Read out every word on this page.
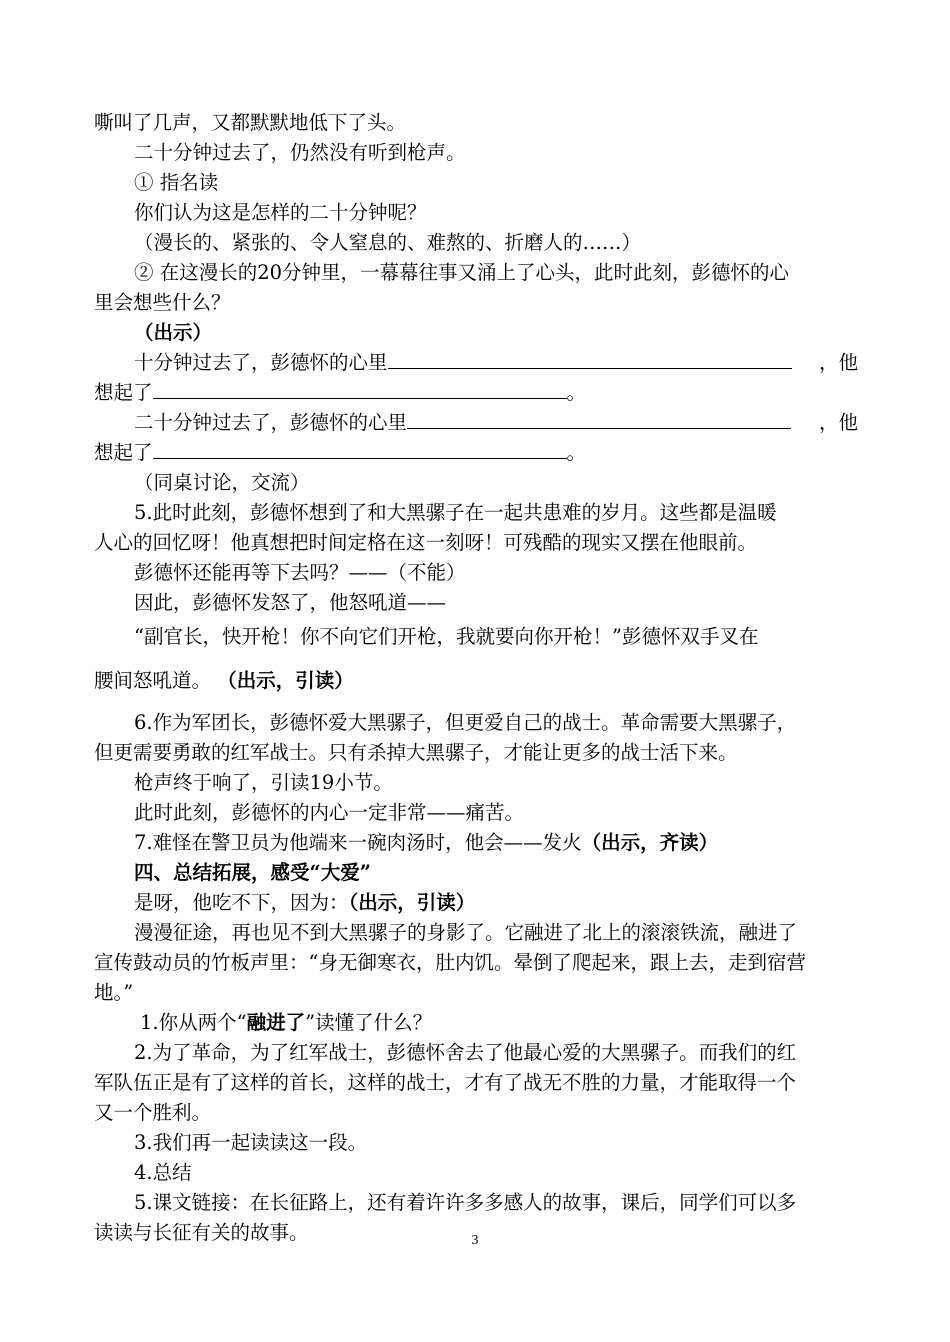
嘶叫了几声，又都默默地低下了头。
二十分钟过去了，仍然没有听到枪声。
① 指名读
你们认为这是怎样的二十分钟呢？
（漫长的、紧张的、令人窒息的、难熬的、折磨人的……）
② 在这漫长的20分钟里，一幕幕往事又涌上了心头，此时此刻，彭德怀的心
里会想些什么？
（出示）
十分钟过去了，彭德怀的心里	，他
想起了	。
二十分钟过去了，彭德怀的心里	，他
想起了	。
（同桌讨论，交流）
5.此时此刻，彭德怀想到了和大黑骡子在一起共患难的岁月。这些都是温暖
人心的回忆呀！他真想把时间定格在这一刻呀！可残酷的现实又摆在他眼前。
彭德怀还能再等下去吗？——（不能）
因此，彭德怀发怒了，他怒吼道——
“副官长，快开枪！你不向它们开枪，我就要向你开枪！”彭德怀双手叉在
腰间怒吼道。 （出示，引读）
6.作为军团长，彭德怀爱大黑骡子，但更爱自己的战士。革命需要大黑骡子，
但更需要勇敢的红军战士。只有杀掉大黑骡子，才能让更多的战士活下来。
枪声终于响了，引读19小节。
此时此刻，彭德怀的内心一定非常——痛苦。
7.难怪在警卫员为他端来一碗肉汤时，他会——发火（出示，齐读）
四、总结拓展，感受“大爱”
是呀，他吃不下，因为：（出示，引读）
漫漫征途，再也见不到大黑骡子的身影了。它融进了北上的滚滚铁流，融进了
宣传鼓动员的竹板声里：“身无御寒衣，肚内饥。晕倒了爬起来，跟上去，走到宿营
地。”
1.你从两个“融进了”读懂了什么？
2.为了革命，为了红军战士，彭德怀舍去了他最心爱的大黑骡子。而我们的红
军队伍正是有了这样的首长，这样的战士，才有了战无不胜的力量，才能取得一个
又一个胜利。
3.我们再一起读读这一段。
4.总结
5.课文链接：在长征路上，还有着许许多多感人的故事，课后，同学们可以多
读读与长征有关的故事。	3
